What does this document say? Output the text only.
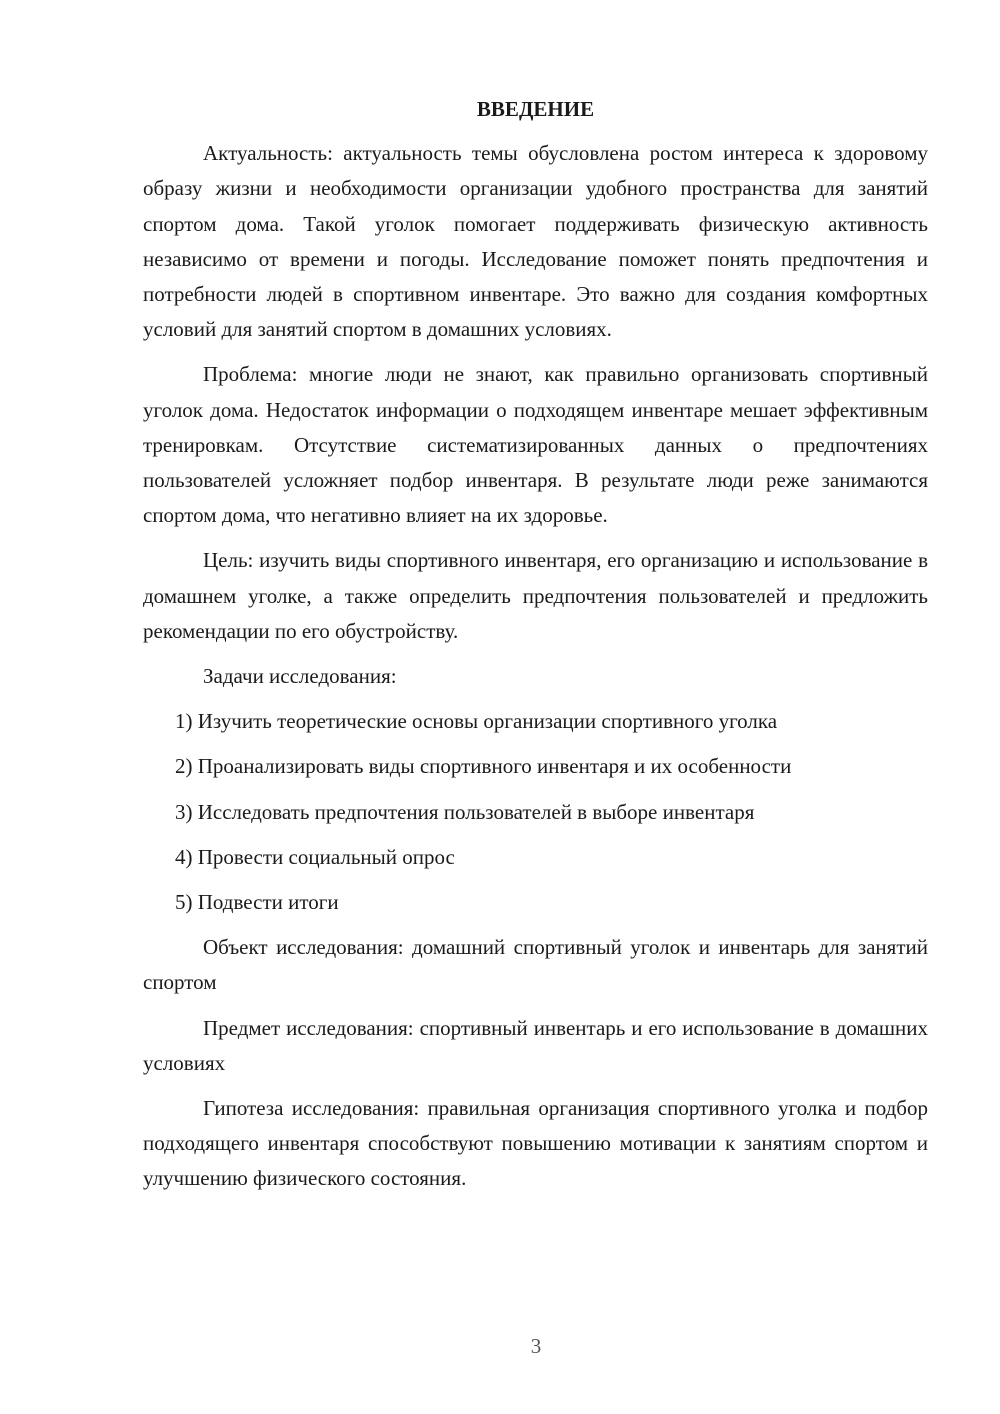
ВВЕДЕНИЕ

Актуальность: актуальность темы обусловлена ростом интереса к здоровому образу жизни и необходимости организации удобного пространства для занятий спортом дома. Такой уголок помогает поддерживать физическую активность независимо от времени и погоды. Исследование поможет понять предпочтения и потребности людей в спортивном инвентаре. Это важно для создания комфортных условий для занятий спортом в домашних условиях.

Проблема: многие люди не знают, как правильно организовать спортивный уголок дома. Недостаток информации о подходящем инвентаре мешает эффективным тренировкам. Отсутствие систематизированных данных о предпочтениях пользователей усложняет подбор инвентаря. В результате люди реже занимаются спортом дома, что негативно влияет на их здоровье.

Цель: изучить виды спортивного инвентаря, его организацию и использование в домашнем уголке, а также определить предпочтения пользователей и предложить рекомендации по его обустройству.

Задачи исследования:

1) Изучить теоретические основы организации спортивного уголка
2) Проанализировать виды спортивного инвентаря и их особенности
3) Исследовать предпочтения пользователей в выборе инвентаря
4) Провести социальный опрос
5) Подвести итоги

Объект исследования: домашний спортивный уголок и инвентарь для занятий спортом

Предмет исследования: спортивный инвентарь и его использование в домашних условиях

Гипотеза исследования: правильная организация спортивного уголка и подбор подходящего инвентаря способствуют повышению мотивации к занятиям спортом и улучшению физического состояния.

3
